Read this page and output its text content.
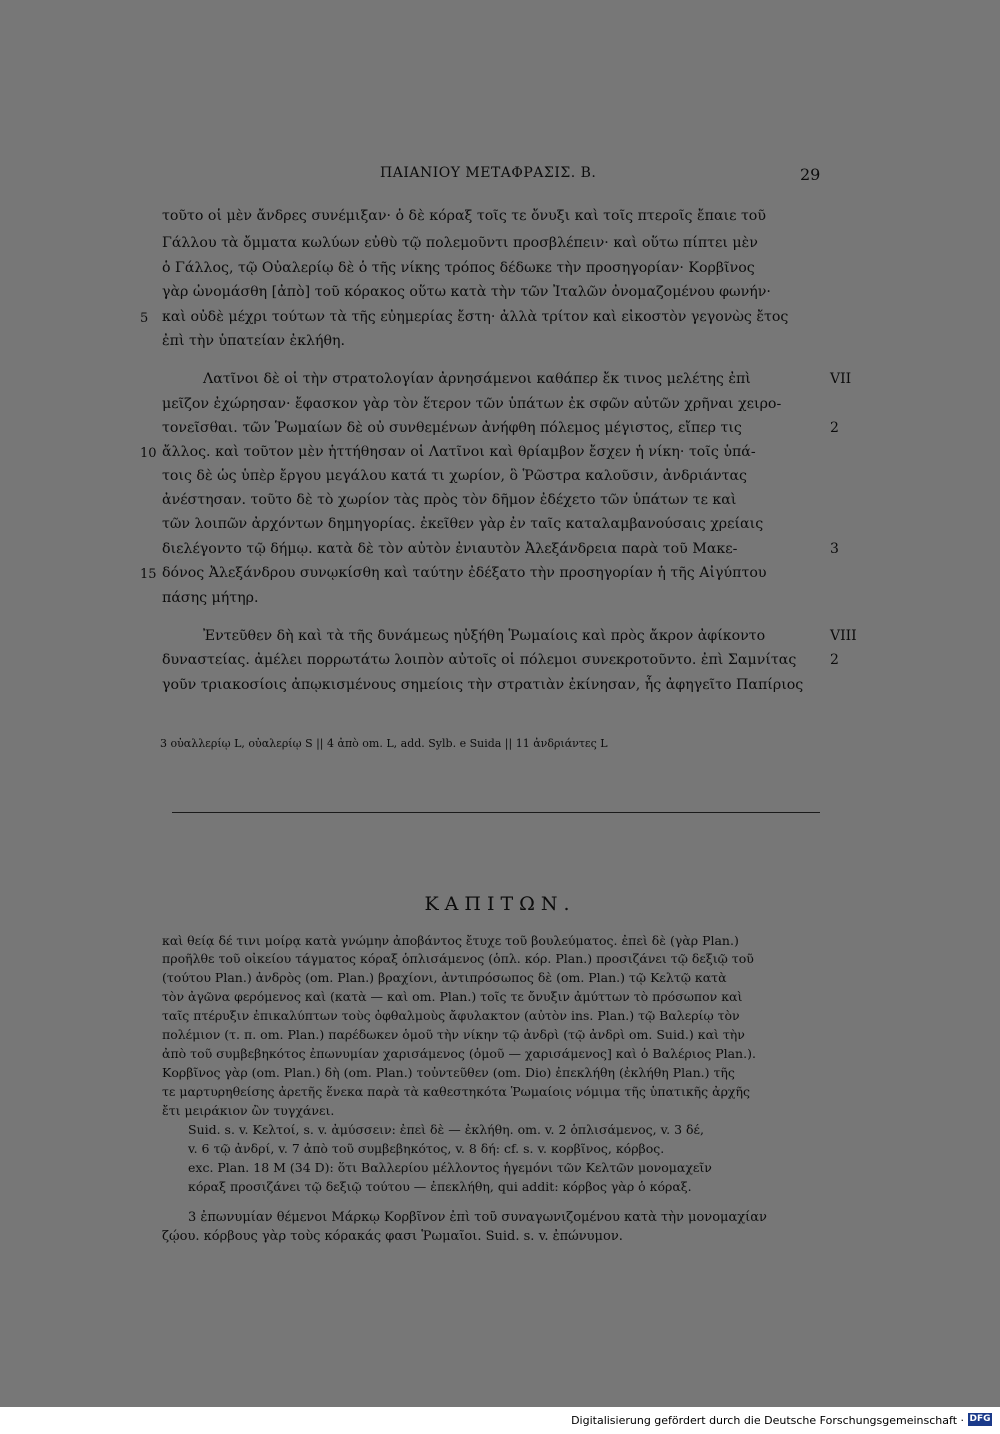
ΠΑΙΑΝΙΟΥ ΜΕΤΑΦΡΑΣΙΣ. Β.	29
τοῦτο οἱ μὲν ἄνδρες συνέμιξαν· ὁ δὲ κόραξ τοῖς τε ὄνυξι καὶ τοῖς πτεροῖς ἔπαιε τοῦ
Γάλλου τὰ ὄμματα κωλύων εὐθὺ τῷ πολεμοῦντι προσβλέπειν· καὶ οὕτω πίπτει μὲν
ὁ Γάλλος, τῷ Οὐαλερίῳ δὲ ὁ τῆς νίκης τρόπος δέδωκε τὴν προσηγορίαν· Κορβῖνος
γὰρ ὠνομάσθη [ἀπὸ] τοῦ κόρακος οὕτω κατὰ τὴν τῶν Ἰταλῶν ὀνομαζομένου φωνήν·
καὶ οὐδὲ μέχρι τούτων τὰ τῆς εὐημερίας ἔστη· ἀλλὰ τρίτον καὶ εἰκοστὸν γεγονὼς ἔτος
ἐπὶ τὴν ὑπατείαν ἐκλήθη.
Λατῖνοι δὲ οἱ τὴν στρατολογίαν ἀρνησάμενοι καθάπερ ἔκ τινος μελέτης ἐπὶ
μεῖζον ἐχώρησαν· ἔφασκον γὰρ τὸν ἕτερον τῶν ὑπάτων ἐκ σφῶν αὐτῶν χρῆναι χειρο-
τονεῖσθαι. τῶν Ῥωμαίων δὲ οὐ συνθεμένων ἀνήφθη πόλεμος μέγιστος, εἴπερ τις
ἄλλος. καὶ τοῦτον μὲν ἡττήθησαν οἱ Λατῖνοι καὶ θρίαμβον ἔσχεν ἡ νίκη· τοῖς ὑπά-
τοις δὲ ὡς ὑπὲρ ἔργου μεγάλου κατά τι χωρίον, ὃ Ῥῶστρα καλοῦσιν, ἀνδριάντας
ἀνέστησαν. τοῦτο δὲ τὸ χωρίον τὰς πρὸς τὸν δῆμον ἐδέχετο τῶν ὑπάτων τε καὶ
τῶν λοιπῶν ἀρχόντων δημηγορίας. ἐκεῖθεν γὰρ ἐν ταῖς καταλαμβανούσαις χρείαις
διελέγοντο τῷ δήμῳ. κατὰ δὲ τὸν αὐτὸν ἐνιαυτὸν Ἀλεξάνδρεια παρὰ τοῦ Μακε-
δόνος Ἀλεξάνδρου συνῳκίσθη καὶ ταύτην ἐδέξατο τὴν προσηγορίαν ἡ τῆς Αἰγύπτου
πάσης μήτηρ.
Ἐντεῦθεν δὴ καὶ τὰ τῆς δυνάμεως ηὐξήθη Ῥωμαίοις καὶ πρὸς ἄκρον ἀφίκοντο
δυναστείας. ἀμέλει πορρωτάτω λοιπὸν αὐτοῖς οἱ πόλεμοι συνεκροτοῦντο. ἐπὶ Σαμνίτας
γοῦν τριακοσίοις ἀπῳκισμένους σημείοις τὴν στρατιὰν ἐκίνησαν, ἧς ἀφηγεῖτο Παπίριος
5
10
15
VII
2
3
VIII
2
3 οὐαλλερίῳ L, οὐαλερίῳ S || 4 ἀπὸ om. L, add. Sylb. e Suida || 11 ἀνδριάντες L
ΚΑΠΙΤΩΝ.
καὶ θείᾳ δέ τινι μοίρᾳ κατὰ γνώμην ἀποβάντος ἔτυχε τοῦ βουλεύματος. ἐπεὶ δὲ (γὰρ Plan.)
προῆλθε τοῦ οἰκείου τάγματος κόραξ ὁπλισάμενος (ὁπλ. κόρ. Plan.) προσιζάνει τῷ δεξιῷ τοῦ
(τούτου Plan.) ἀνδρὸς (om. Plan.) βραχίονι, ἀντιπρόσωπος δὲ (om. Plan.) τῷ Κελτῷ κατὰ
τὸν ἀγῶνα φερόμενος καὶ (κατὰ — καὶ om. Plan.) τοῖς τε ὄνυξιν ἀμύττων τὸ πρόσωπον καὶ
ταῖς πτέρυξιν ἐπικαλύπτων τοὺς ὀφθαλμοὺς ἄφυλακτον (αὐτὸν ins. Plan.) τῷ Βαλερίῳ τὸν
πολέμιον (τ. π. om. Plan.) παρέδωκεν ὁμοῦ τὴν νίκην τῷ ἀνδρὶ (τῷ ἀνδρὶ om. Suid.) καὶ τὴν
ἀπὸ τοῦ συμβεβηκότος ἐπωνυμίαν χαρισάμενος (ὁμοῦ — χαρισάμενος] καὶ ὁ Βαλέριος Plan.).
Κορβῖνος γὰρ (om. Plan.) δὴ (om. Plan.) τοὐντεῦθεν (om. Dio) ἐπεκλήθη (ἐκλήθη Plan.) τῆς
τε μαρτυρηθείσης ἀρετῆς ἕνεκα παρὰ τὰ καθεστηκότα Ῥωμαίοις νόμιμα τῆς ὑπατικῆς ἀρχῆς
ἔτι μειράκιον ὢν τυγχάνει.
Suid. s. v. Κελτοί, s. v. ἀμύσσειν: ἐπεὶ δὲ — ἐκλήθη. om. v. 2 ὁπλισάμενος, v. 3 δέ,
v. 6 τῷ ἀνδρί, v. 7 ἀπὸ τοῦ συμβεβηκότος, v. 8 δή: cf. s. v. κορβῖνος, κόρβος.
exc. Plan. 18 M (34 D): ὅτι Βαλλερίου μέλλοντος ἡγεμόνι τῶν Κελτῶν μονομαχεῖν
κόραξ προσιζάνει τῷ δεξιῷ τούτου — ἐπεκλήθη, qui addit: κόρβος γὰρ ὁ κόραξ.
3 ἐπωνυμίαν θέμενοι Μάρκῳ Κορβῖνον ἐπὶ τοῦ συναγωνιζομένου κατὰ τὴν μονομαχίαν
ζῴου. κόρβους γὰρ τοὺς κόρακάς φασι Ῥωμαῖοι. Suid. s. v. ἐπώνυμον.
Digitalisierung gefördert durch die Deutsche Forschungsgemeinschaft · DFG
